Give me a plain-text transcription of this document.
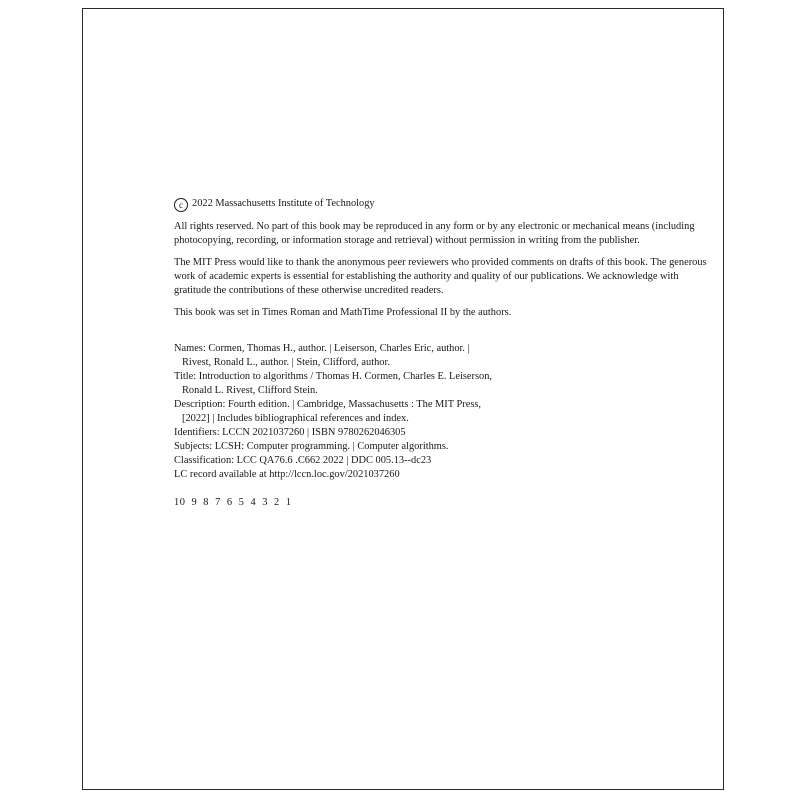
c 2022 Massachusetts Institute of Technology

All rights reserved. No part of this book may be reproduced in any form or by any electronic or mechanical means (including photocopying, recording, or information storage and retrieval) without permission in writing from the publisher.

The MIT Press would like to thank the anonymous peer reviewers who provided comments on drafts of this book. The generous work of academic experts is essential for establishing the authority and quality of our publications. We acknowledge with gratitude the contributions of these otherwise uncredited readers.

This book was set in Times Roman and MathTime Professional II by the authors.

Names: Cormen, Thomas H., author. | Leiserson, Charles Eric, author. |
Rivest, Ronald L., author. | Stein, Clifford, author.
Title: Introduction to algorithms / Thomas H. Cormen, Charles E. Leiserson,
Ronald L. Rivest, Clifford Stein.
Description: Fourth edition. | Cambridge, Massachusetts : The MIT Press,
[2022] | Includes bibliographical references and index.
Identifiers: LCCN 2021037260 | ISBN 9780262046305
Subjects: LCSH: Computer programming. | Computer algorithms.
Classification: LCC QA76.6 .C662 2022 | DDC 005.13--dc23
LC record available at http://lccn.loc.gov/2021037260
10 9 8 7 6 5 4 3 2 1
